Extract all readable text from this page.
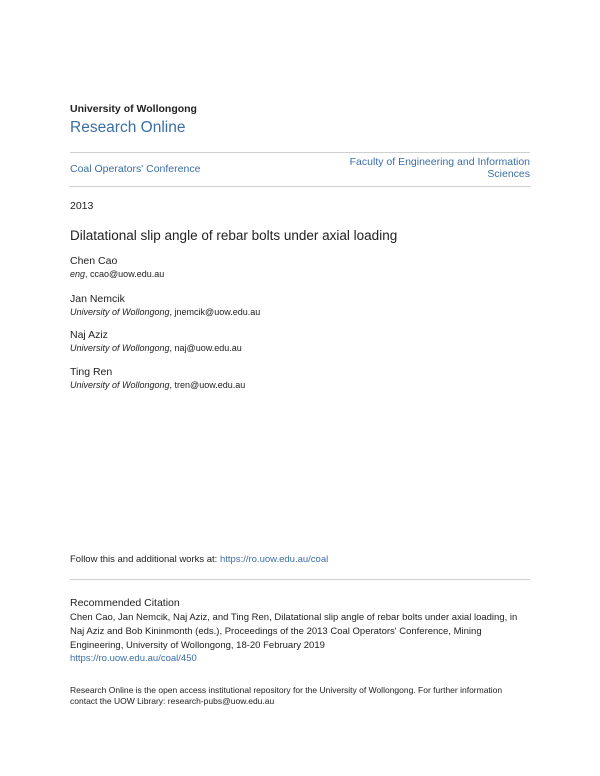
University of Wollongong
Research Online
Coal Operators' Conference
Faculty of Engineering and Information Sciences
2013
Dilatational slip angle of rebar bolts under axial loading
Chen Cao
eng, ccao@uow.edu.au
Jan Nemcik
University of Wollongong, jnemcik@uow.edu.au
Naj Aziz
University of Wollongong, naj@uow.edu.au
Ting Ren
University of Wollongong, tren@uow.edu.au
Follow this and additional works at: https://ro.uow.edu.au/coal
Recommended Citation
Chen Cao, Jan Nemcik, Naj Aziz, and Ting Ren, Dilatational slip angle of rebar bolts under axial loading, in
Naj Aziz and Bob Kininmonth (eds.), Proceedings of the 2013 Coal Operators' Conference, Mining
Engineering, University of Wollongong, 18-20 February 2019
https://ro.uow.edu.au/coal/450
Research Online is the open access institutional repository for the University of Wollongong. For further information
contact the UOW Library: research-pubs@uow.edu.au
